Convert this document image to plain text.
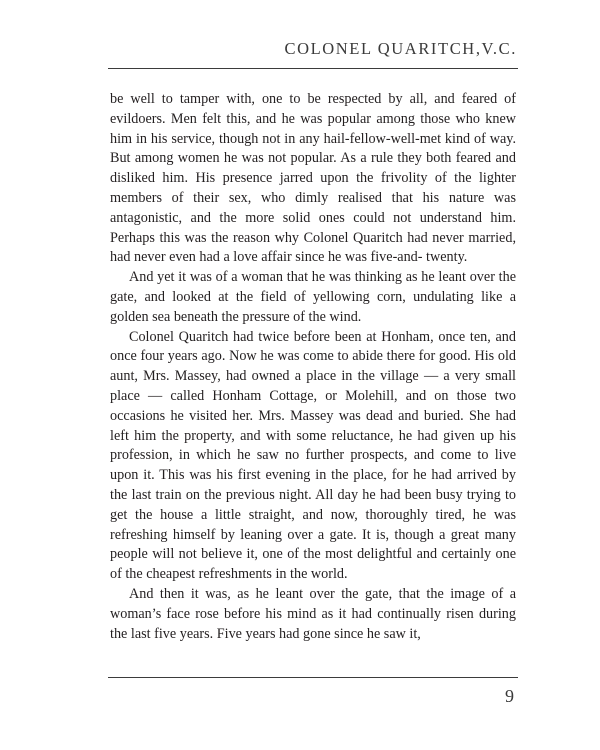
COLONEL QUARITCH,V.C.

be well to tamper with, one to be respected by all, and feared of evildoers. Men felt this, and he was popular among those who knew him in his service, though not in any hail-fellow-well-met kind of way. But among women he was not popular. As a rule they both feared and disliked him. His presence jarred upon the frivolity of the lighter members of their sex, who dimly realised that his nature was antagonistic, and the more solid ones could not understand him. Perhaps this was the reason why Colonel Quaritch had never married, had never even had a love affair since he was five-and- twenty.

And yet it was of a woman that he was thinking as he leant over the gate, and looked at the field of yellowing corn, undulating like a golden sea beneath the pressure of the wind.

Colonel Quaritch had twice before been at Honham, once ten, and once four years ago. Now he was come to abide there for good. His old aunt, Mrs. Massey, had owned a place in the village — a very small place — called Honham Cottage, or Molehill, and on those two occasions he visited her. Mrs. Massey was dead and buried. She had left him the property, and with some reluctance, he had given up his profession, in which he saw no further prospects, and come to live upon it. This was his first evening in the place, for he had arrived by the last train on the previous night. All day he had been busy trying to get the house a little straight, and now, thoroughly tired, he was refreshing himself by leaning over a gate. It is, though a great many people will not believe it, one of the most delightful and certainly one of the cheapest refreshments in the world.

And then it was, as he leant over the gate, that the image of a woman’s face rose before his mind as it had continually risen during the last five years. Five years had gone since he saw it,

9
